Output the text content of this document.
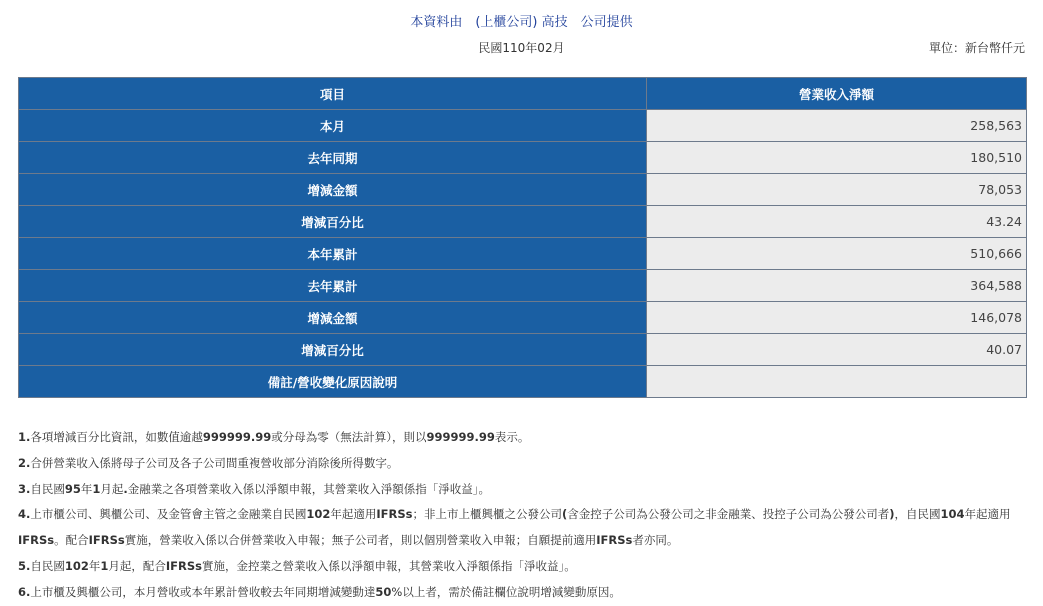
本資料由　(上櫃公司) 高技　公司提供
民國110年02月	單位：新台幣仟元
項目	營業收入淨額
本月	258,563
去年同期	180,510
增減金額	78,053
增減百分比	43.24
本年累計	510,666
去年累計	364,588
增減金額	146,078
增減百分比	40.07
備註/營收變化原因說明	

1.各項增減百分比資訊，如數值逾越999999.99或分母為零（無法計算），則以999999.99表示。

2.合併營業收入係將母子公司及各子公司間重複營收部分消除後所得數字。

3.自民國95年1月起.金融業之各項營業收入係以淨額申報，其營業收入淨額係指「淨收益」。

4.上市櫃公司、興櫃公司、及金管會主管之金融業自民國102年起適用IFRSs；非上市上櫃興櫃之公發公司(含金控子公司為公發公司之非金融業、投控子公司為公發公司者)，自民國104年起適用

IFRSs。配合IFRSs實施，營業收入係以合併營業收入申報；無子公司者，則以個別營業收入申報；自願提前適用IFRSs者亦同。

5.自民國102年1月起，配合IFRSs實施，金控業之營業收入係以淨額申報，其營業收入淨額係指「淨收益」。

6.上市櫃及興櫃公司，本月營收或本年累計營收較去年同期增減變動達50%以上者，需於備註欄位說明增減變動原因。
